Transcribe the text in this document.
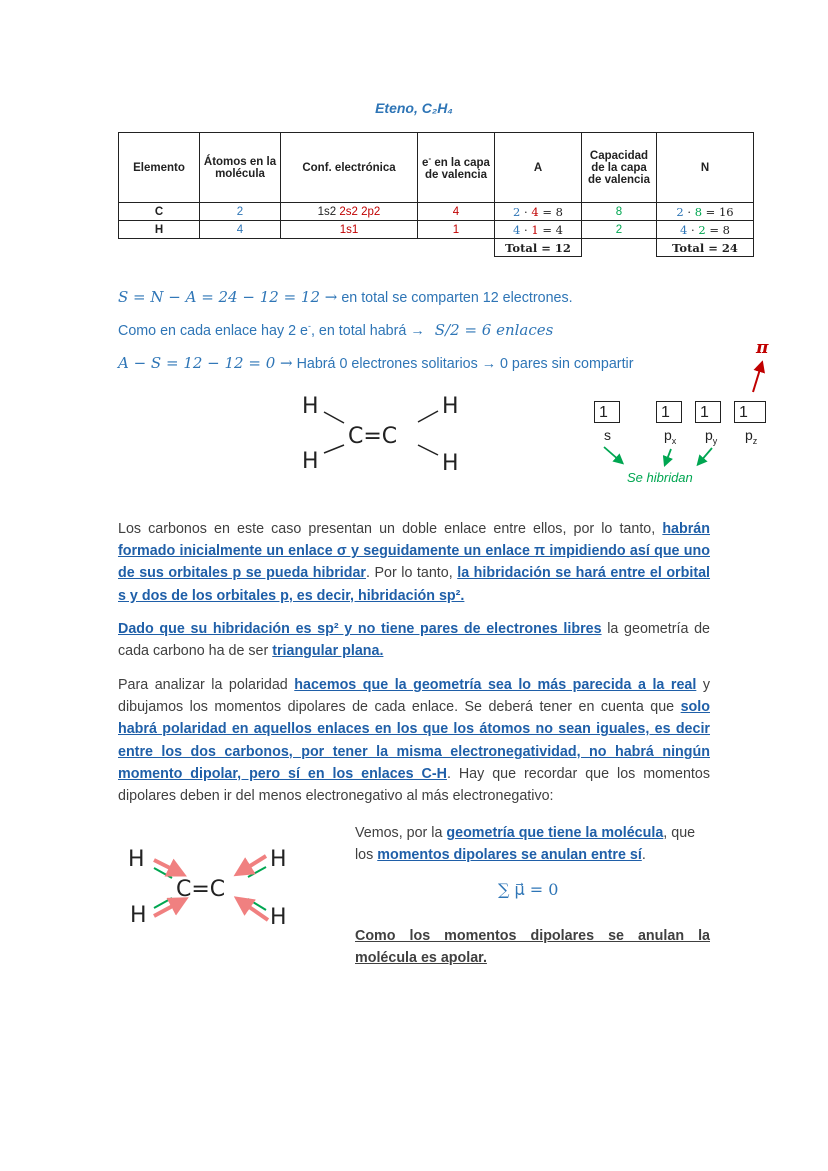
Eteno, C₂H₄
Elemento	Átomos en la molécula	Conf. electrónica	e- en la capa de valencia	A	Capacidad de la capa de valencia	N
C	2	1s2 2s2 2p2	4	2 · 4 = 8	8	2 · 8 = 16
H	4	1s1	1	4 · 1 = 4	2	4 · 2 = 8
				Total = 12		Total = 24
S = N − A = 24 − 12 = 12 → en total se comparten 12 electrones.
Como en cada enlace hay 2 e-, en total habrá → S/2 = 6 enlaces
A − S = 12 − 12 = 0 → Habrá 0 electrones solitarios → 0 pares sin compartir
H	H
H	H
C=C
1	1	1	1
s	$p_x$ $p_y$ $p_z$
π
Se hibridan
Los carbonos en este caso presentan un doble enlace entre ellos, por lo tanto, habrán formado inicialmente un enlace σ y seguidamente un enlace π impidiendo así que uno de sus orbitales p se pueda hibridar. Por lo tanto, la hibridación se hará entre el orbital s y dos de los orbitales p, es decir, hibridación sp².
Dado que su hibridación es sp² y no tiene pares de electrones libres la geometría de cada carbono ha de ser triangular plana.
Para analizar la polaridad hacemos que la geometría sea lo más parecida a la real y dibujamos los momentos dipolares de cada enlace. Se deberá tener en cuenta que solo habrá polaridad en aquellos enlaces en los que los átomos no sean iguales, es decir entre los dos carbonos, por tener la misma electronegatividad, no habrá ningún momento dipolar, pero sí en los enlaces C-H. Hay que recordar que los momentos dipolares deben ir del menos electronegativo al más electronegativo:
H	H
H	H
C=C
Vemos, por la geometría que tiene la molécula, que los momentos dipolares se anulan entre sí.
∑ μ⃗ = 0
Como los momentos dipolares se anulan la molécula es apolar.
